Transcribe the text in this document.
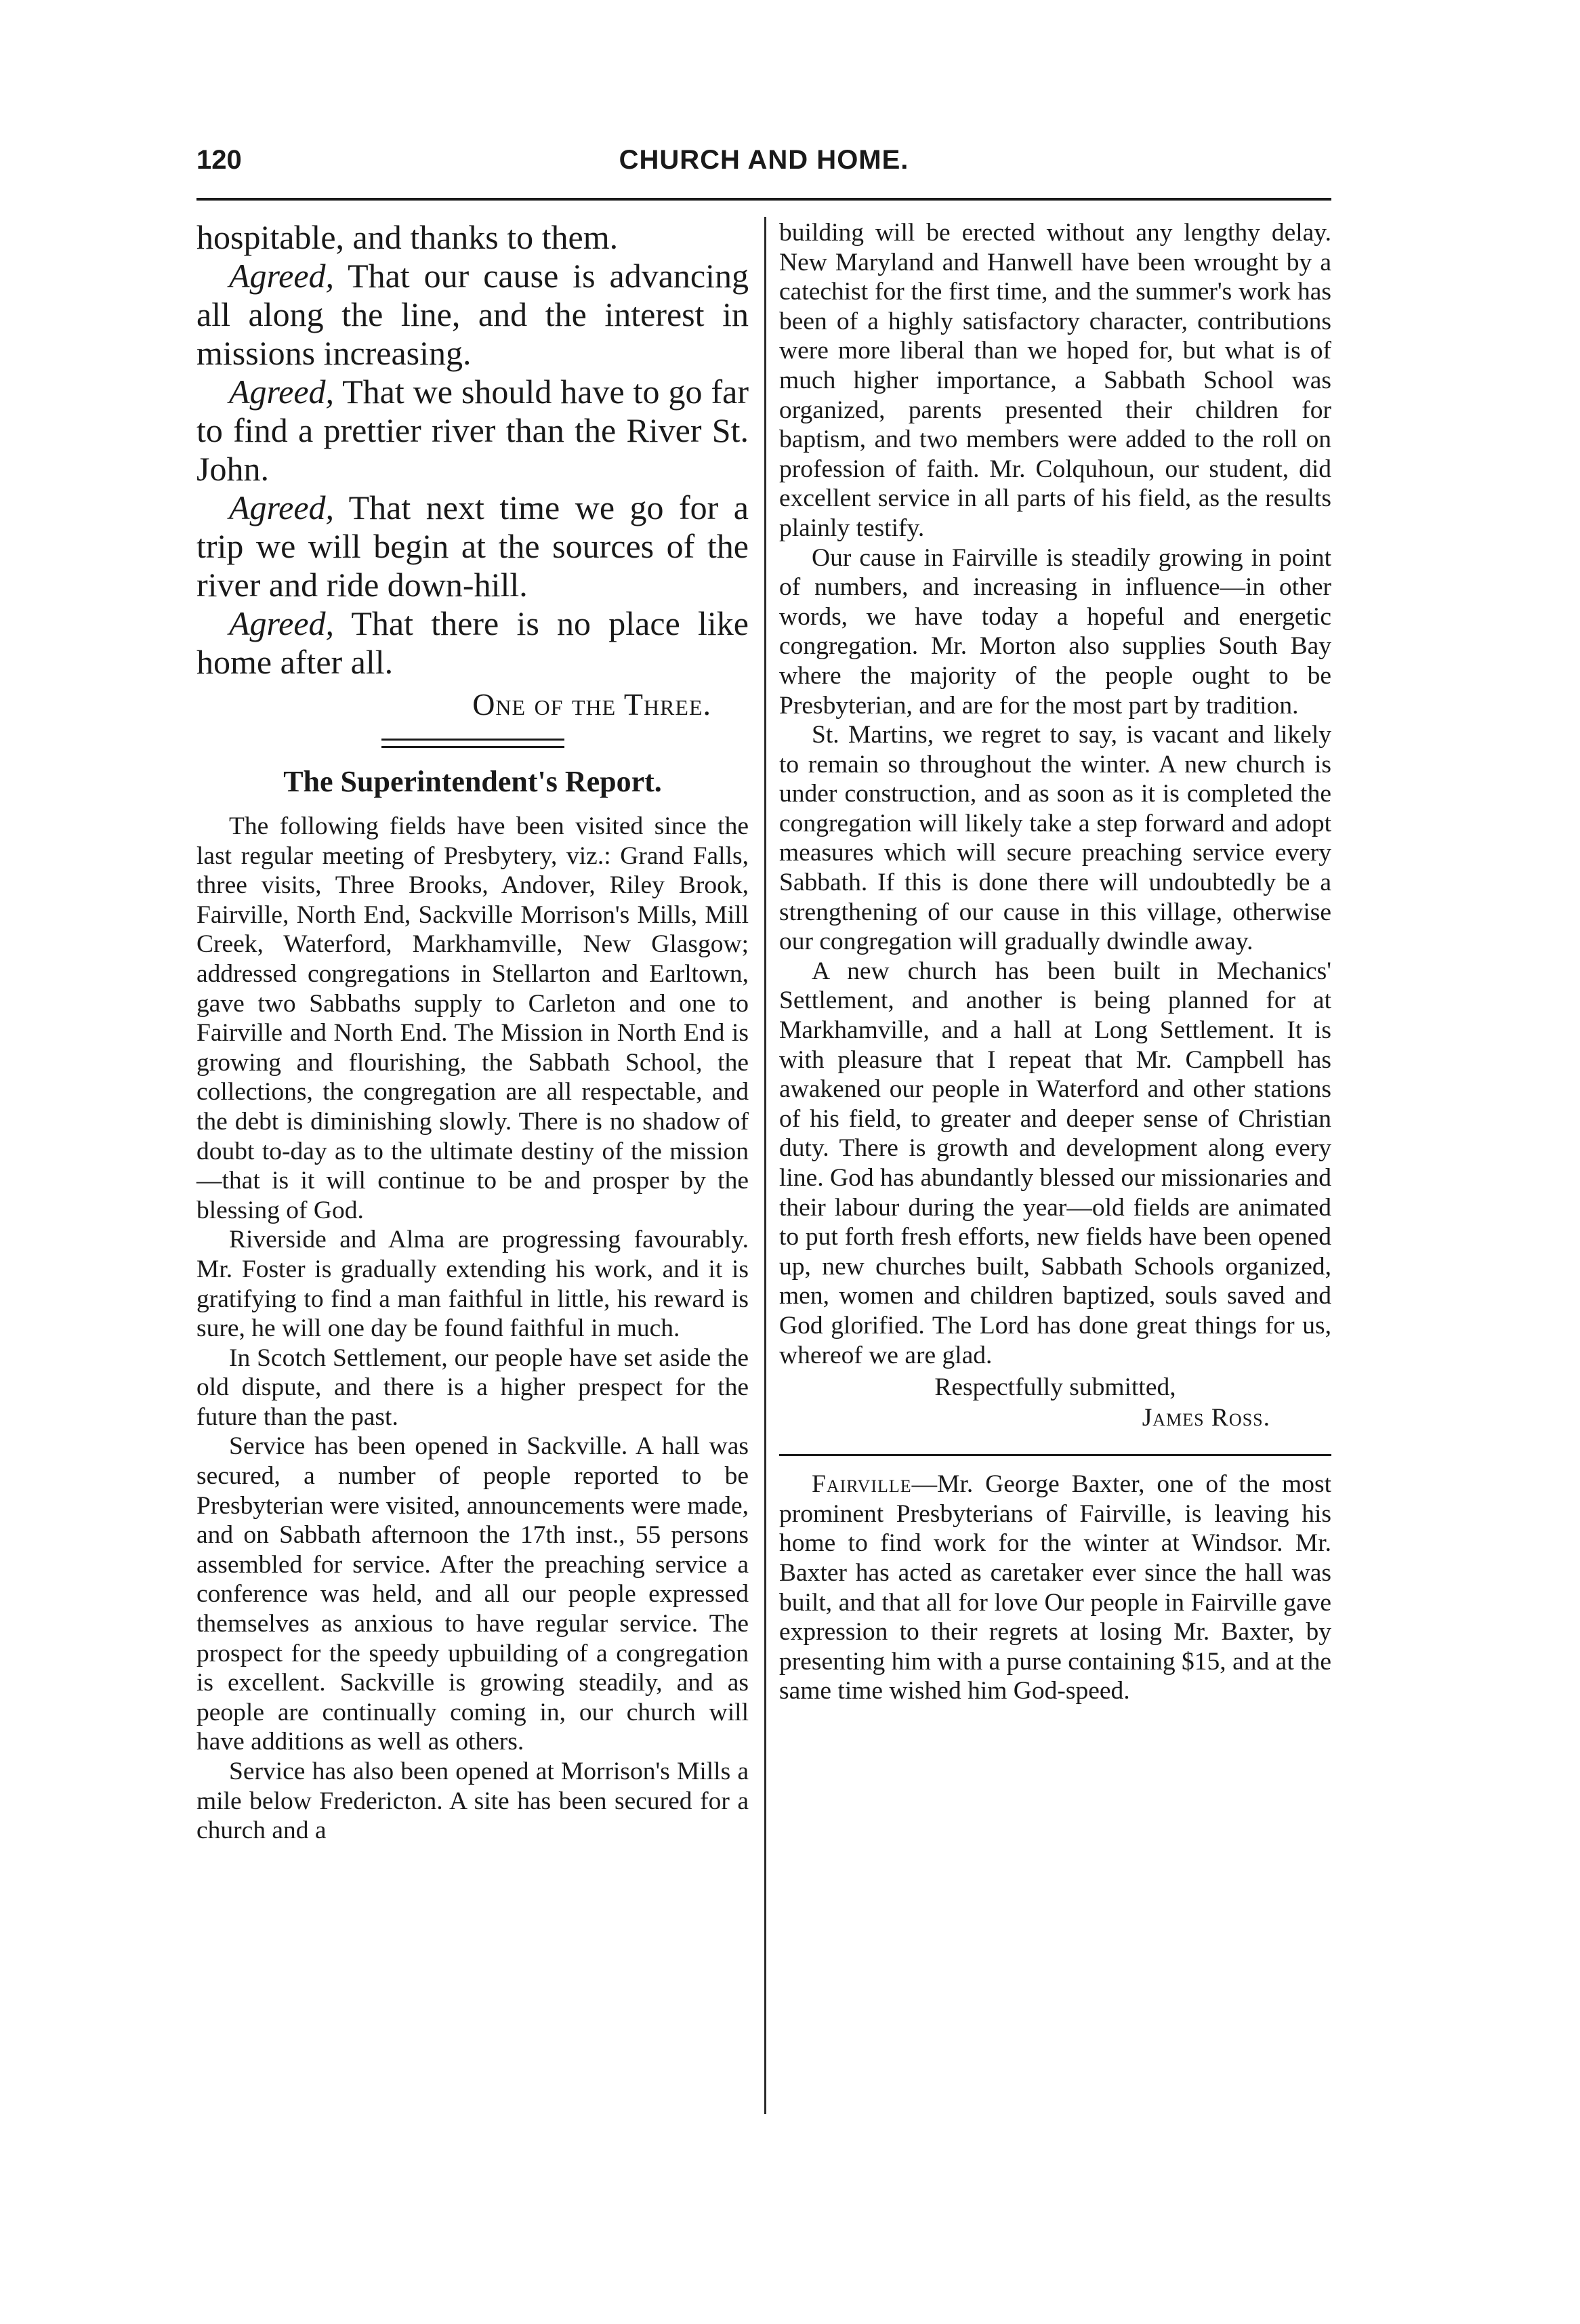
120	CHURCH AND HOME.

hospitable, and thanks to them.

Agreed, That our cause is advancing all along the line, and the interest in missions increasing.

Agreed, That we should have to go far to find a prettier river than the River St. John.

Agreed, That next time we go for a trip we will begin at the sources of the river and ride down-hill.

Agreed, That there is no place like home after all.

One of the Three.
The Superintendent's Report.

The following fields have been visited since the last regular meeting of Presbytery, viz.: Grand Falls, three visits, Three Brooks, Andover, Riley Brook, Fairville, North End, Sackville Morrison's Mills, Mill Creek, Waterford, Markhamville, New Glasgow; addressed congregations in Stellarton and Earltown, gave two Sabbaths supply to Carleton and one to Fairville and North End. The Mission in North End is growing and flourishing, the Sabbath School, the collections, the congregation are all respectable, and the debt is diminishing slowly. There is no shadow of doubt to-day as to the ultimate destiny of the mission—that is it will continue to be and prosper by the blessing of God.

Riverside and Alma are progressing favourably. Mr. Foster is gradually extending his work, and it is gratifying to find a man faithful in little, his reward is sure, he will one day be found faithful in much.

In Scotch Settlement, our people have set aside the old dispute, and there is a higher prespect for the future than the past.

Service has been opened in Sackville. A hall was secured, a number of people reported to be Presbyterian were visited, announcements were made, and on Sabbath afternoon the 17th inst., 55 persons assembled for service. After the preaching service a conference was held, and all our people expressed themselves as anxious to have regular service. The prospect for the speedy upbuilding of a congregation is excellent. Sackville is growing steadily, and as people are continually coming in, our church will have additions as well as others.

Service has also been opened at Morrison's Mills a mile below Fredericton. A site has been secured for a church and a

building will be erected without any lengthy delay. New Maryland and Hanwell have been wrought by a catechist for the first time, and the summer's work has been of a highly satisfactory character, contributions were more liberal than we hoped for, but what is of much higher importance, a Sabbath School was organized, parents presented their children for baptism, and two members were added to the roll on profession of faith. Mr. Colquhoun, our student, did excellent service in all parts of his field, as the results plainly testify.

Our cause in Fairville is steadily growing in point of numbers, and increasing in influence—in other words, we have today a hopeful and energetic congregation. Mr. Morton also supplies South Bay where the majority of the people ought to be Presbyterian, and are for the most part by tradition.

St. Martins, we regret to say, is vacant and likely to remain so throughout the winter. A new church is under construction, and as soon as it is completed the congregation will likely take a step forward and adopt measures which will secure preaching service every Sabbath. If this is done there will undoubtedly be a strengthening of our cause in this village, otherwise our congregation will gradually dwindle away.

A new church has been built in Mechanics' Settlement, and another is being planned for at Markhamville, and a hall at Long Settlement. It is with pleasure that I repeat that Mr. Campbell has awakened our people in Waterford and other stations of his field, to greater and deeper sense of Christian duty. There is growth and development along every line. God has abundantly blessed our missionaries and their labour during the year—old fields are animated to put forth fresh efforts, new fields have been opened up, new churches built, Sabbath Schools organized, men, women and children baptized, souls saved and God glorified. The Lord has done great things for us, whereof we are glad.

Respectfully submitted,
James Ross.

Fairville—Mr. George Baxter, one of the most prominent Presbyterians of Fairville, is leaving his home to find work for the winter at Windsor. Mr. Baxter has acted as caretaker ever since the hall was built, and that all for love Our people in Fairville gave expression to their regrets at losing Mr. Baxter, by presenting him with a purse containing $15, and at the same time wished him God-speed.
